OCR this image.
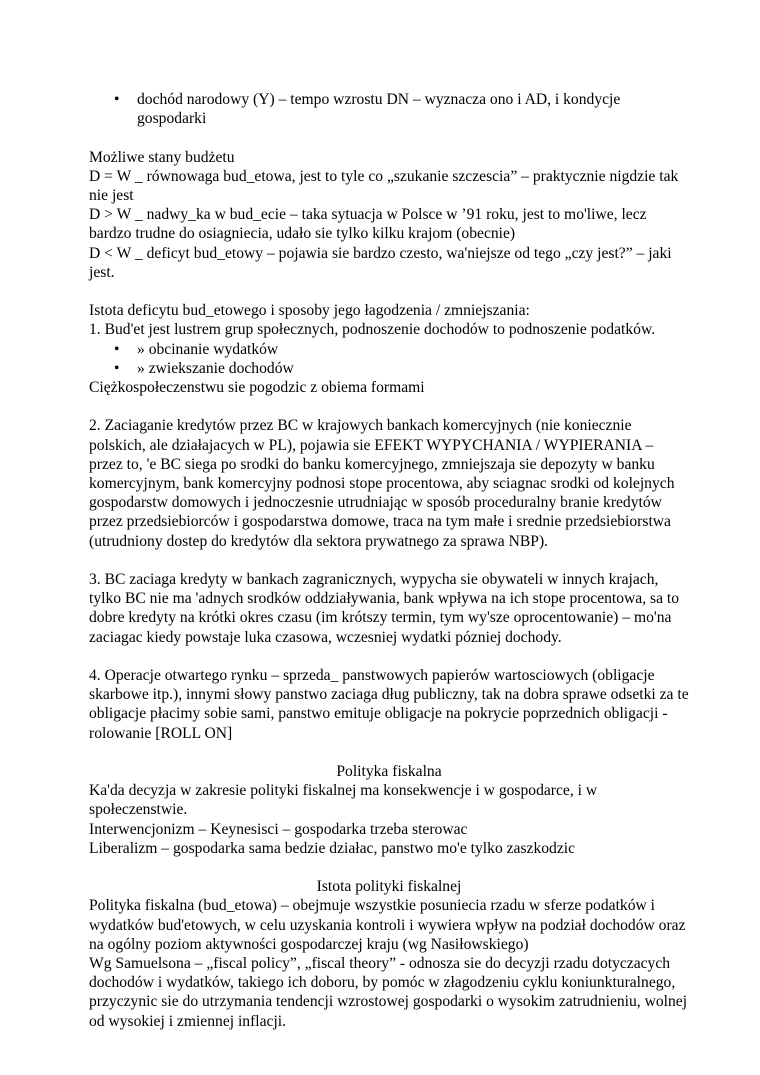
• dochód narodowy (Y) – tempo wzrostu DN – wyznacza ono i AD, i kondycje gospodarki

Możliwe stany budżetu

D = W _ równowaga bud_etowa, jest to tyle co „szukanie szczescia” – praktycznie nigdzie tak nie jest

D > W _ nadwy_ka w bud_ecie – taka sytuacja w Polsce w ’91 roku, jest to mo'liwe, lecz bardzo trudne do osiagniecia, udało sie tylko kilku krajom (obecnie)

D < W _ deficyt bud_etowy – pojawia sie bardzo czesto, wa'niejsze od tego „czy jest?” – jaki jest.

Istota deficytu bud_etowego i sposoby jego łagodzenia / zmniejszania:

1. Bud'et jest lustrem grup społecznych, podnoszenie dochodów to podnoszenie podatków.

• » obcinanie wydatków
• » zwiekszanie dochodów

Ciężkospołeczenstwu sie pogodzic z obiema formami

2. Zaciaganie kredytów przez BC w krajowych bankach komercyjnych (nie koniecznie polskich, ale działajacych w PL), pojawia sie EFEKT WYPYCHANIA / WYPIERANIA – przez to, 'e BC siega po srodki do banku komercyjnego, zmniejszaja sie depozyty w banku komercyjnym, bank komercyjny podnosi stope procentowa, aby sciagnac srodki od kolejnych gospodarstw domowych i jednoczesnie utrudniając w sposób proceduralny branie kredytów przez przedsiebiorców i gospodarstwa domowe, traca na tym małe i srednie przedsiebiorstwa (utrudniony dostep do kredytów dla sektora prywatnego za sprawa NBP).

3. BC zaciaga kredyty w bankach zagranicznych, wypycha sie obywateli w innych krajach, tylko BC nie ma 'adnych srodków oddziaływania, bank wpływa na ich stope procentowa, sa to dobre kredyty na krótki okres czasu (im krótszy termin, tym wy'sze oprocentowanie) – mo'na zaciagac kiedy powstaje luka czasowa, wczesniej wydatki pózniej dochody.

4. Operacje otwartego rynku – sprzeda_ panstwowych papierów wartosciowych (obligacje skarbowe itp.), innymi słowy panstwo zaciaga dług publiczny, tak na dobra sprawe odsetki za te obligacje płacimy sobie sami, panstwo emituje obligacje na pokrycie poprzednich obligacji - rolowanie [ROLL ON]

Polityka fiskalna

Ka'da decyzja w zakresie polityki fiskalnej ma konsekwencje i w gospodarce, i w społeczenstwie.

Interwencjonizm – Keynesisci – gospodarka trzeba sterowac

Liberalizm – gospodarka sama bedzie działac, panstwo mo'e tylko zaszkodzic

Istota polityki fiskalnej

Polityka fiskalna (bud_etowa) – obejmuje wszystkie posuniecia rzadu w sferze podatków i wydatków bud'etowych, w celu uzyskania kontroli i wywiera wpływ na podział dochodów oraz na ogólny poziom aktywności gospodarczej kraju (wg Nasiłowskiego)

Wg Samuelsona – „fiscal policy”, „fiscal theory” - odnosza sie do decyzji rzadu dotyczacych dochodów i wydatków, takiego ich doboru, by pomóc w złagodzeniu cyklu koniunkturalnego, przyczynic sie do utrzymania tendencji wzrostowej gospodarki o wysokim zatrudnieniu, wolnej od wysokiej i zmiennej inflacji.
